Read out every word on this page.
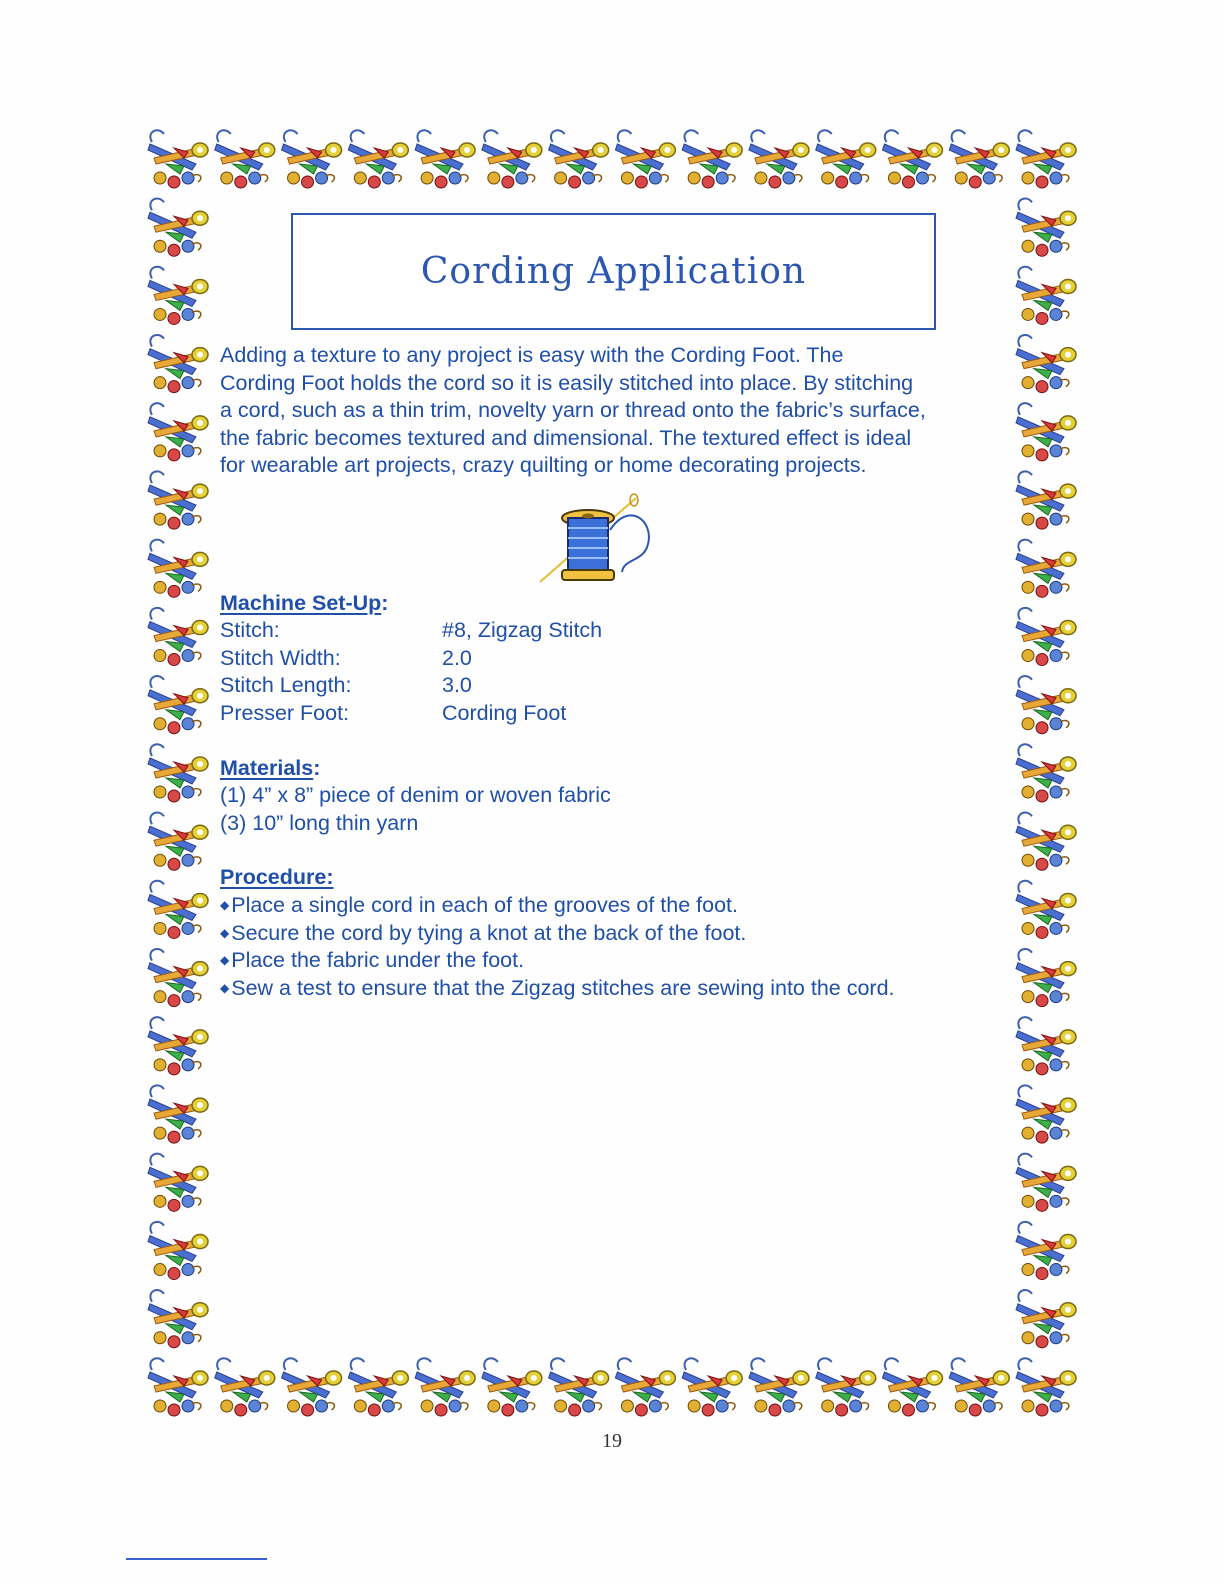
Cording Application

Adding a texture to any project is easy with the Cording Foot. The

Cording Foot holds the cord so it is easily stitched into place. By stitching

a cord, such as a thin trim, novelty yarn or thread onto the fabric’s surface,

the fabric becomes textured and dimensional. The textured effect is ideal

for wearable art projects, crazy quilting or home decorating projects.

Machine Set-Up:
Stitch:	#8, Zigzag Stitch
Stitch Width:	2.0
Stitch Length:	3.0
Presser Foot:	Cording Foot
Materials:
(1) 4” x 8” piece of denim or woven fabric
(3) 10” long thin yarn
Procedure:
◆Place a single cord in each of the grooves of the foot.
◆Secure the cord by tying a knot at the back of the foot.
◆Place the fabric under the foot.
◆Sew a test to ensure that the Zigzag stitches are sewing into the cord.
19
